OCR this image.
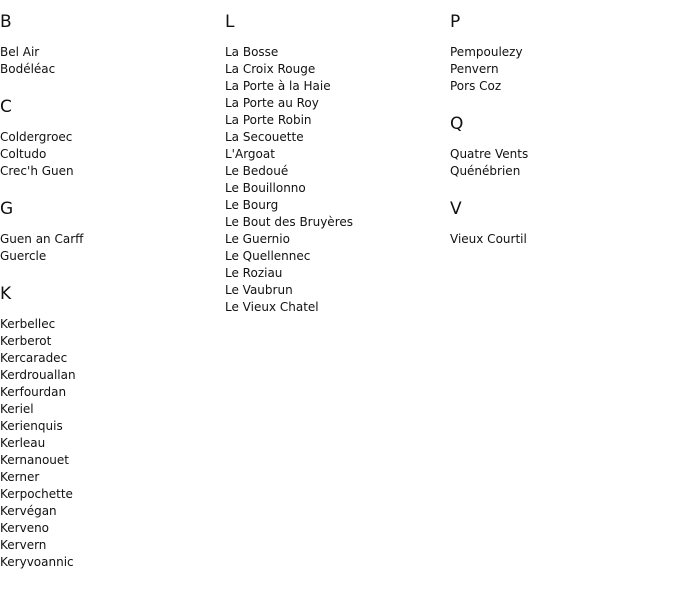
B
Bel Air
Bodéléac
C
Coldergroec
Coltudo
Crec'h Guen
G
Guen an Carff
Guercle
K
Kerbellec
Kerberot
Kercaradec
Kerdrouallan
Kerfourdan
Keriel
Kerienquis
Kerleau
Kernanouet
Kerner
Kerpochette
Kervégan
Kerveno
Kervern
Keryvoannic
L
La Bosse
La Croix Rouge
La Porte à la Haie
La Porte au Roy
La Porte Robin
La Secouette
L'Argoat
Le Bedoué
Le Bouillonno
Le Bourg
Le Bout des Bruyères
Le Guernio
Le Quellennec
Le Roziau
Le Vaubrun
Le Vieux Chatel
P
Pempoulezy
Penvern
Pors Coz
Q
Quatre Vents
Quénébrien
V
Vieux Courtil
